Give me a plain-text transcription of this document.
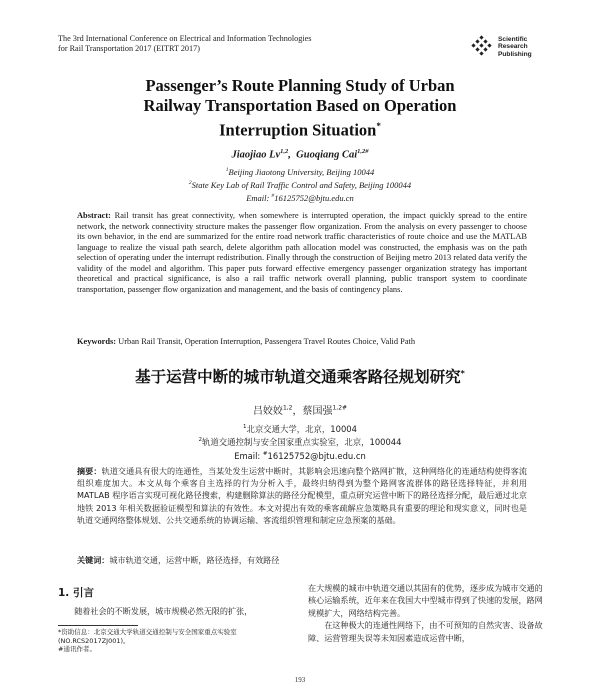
The 3rd International Conference on Electrical and Information Technologies
for Rail Transportation 2017 (EITRT 2017)
Scientific
Research
Publishing
Passenger’s Route Planning Study of Urban
Railway Transportation Based on Operation
Interruption Situation*
Jiaojiao Lv$^{1,2}$,  Guoqiang Cai$^{1,2\#}$
$^1$Beijing Jiaotong University, Beijing 10044
$^2$State Key Lab of Rail Traffic Control and Safety, Beijing 100044
Email: #16125752@bjtu.edu.cn
Abstract: Rail transit has great connectivity, when somewhere is interrupted operation, the impact quickly spread to the entire network, the network connectivity structure makes the passenger flow organization. From the analysis on every passenger to choose its own behavior, in the end are summarized for the entire road network traffic characteristics of route choice and use the MATLAB language to realize the visual path search, delete algorithm path allocation model was constructed, the emphasis was on the path selection of operating under the interrupt redistribution. Finally through the construction of Beijing metro 2013 related data verify the validity of the model and algorithm. This paper puts forward effective emergency passenger organization strategy has important theoretical and practical significance, is also a rail traffic network overall planning, public transport system to coordinate transportation, passenger flow organization and management, and the basis of contingency plans.
Keywords: Urban Rail Transit, Operation Interruption, Passengera Travel Routes Choice, Valid Path
基于运营中断的城市轨道交通乘客路径规划研究*
吕姣姣$^{1,2}$，蔡国强$^{1,2\#}$
$^1$北京交通大学，北京，10004
$^2$轨道交通控制与安全国家重点实验室，北京，100044
Email: #16125752@bjtu.edu.cn
摘要：轨道交通具有很大的连通性，当某处发生运营中断时，其影响会迅速向整个路网扩散，这种网络化的连通结构使得客流组织难度加大。本文从每个乘客自主选择的行为分析入手，最终归纳得到为整个路网客流群体的路径选择特征，并利用 MATLAB 程序语言实现可视化路径搜索，构建删除算法的路径分配模型，重点研究运营中断下的路径选择分配，最后通过北京地铁 2013 年相关数据验证模型和算法的有效性。本文对提出有效的乘客疏解应急策略具有重要的理论和现实意义，同时也是轨道交通网络整体规划、公共交通系统的协调运输、客流组织管理和制定应急预案的基础。
关键词：城市轨道交通，运营中断，路径选择，有效路径
1. 引言
随着社会的不断发展，城市规模必然无限的扩张，
*资助信息：北京交通大学轨道交通控制与安全国家重点实验室(NO.RCS2017ZJ001)。
#通讯作者。

在大规模的城市中轨道交通以其固有的优势，逐步成为城市交通的核心运输系统，近年来在我国大中型城市得到了快速的发展，路网规模扩大，网络结构完善。

在这种极大的连通性网络下，由不可预知的自然灾害、设备故障、运营管理失误等未知因素造成运营中断，

193
